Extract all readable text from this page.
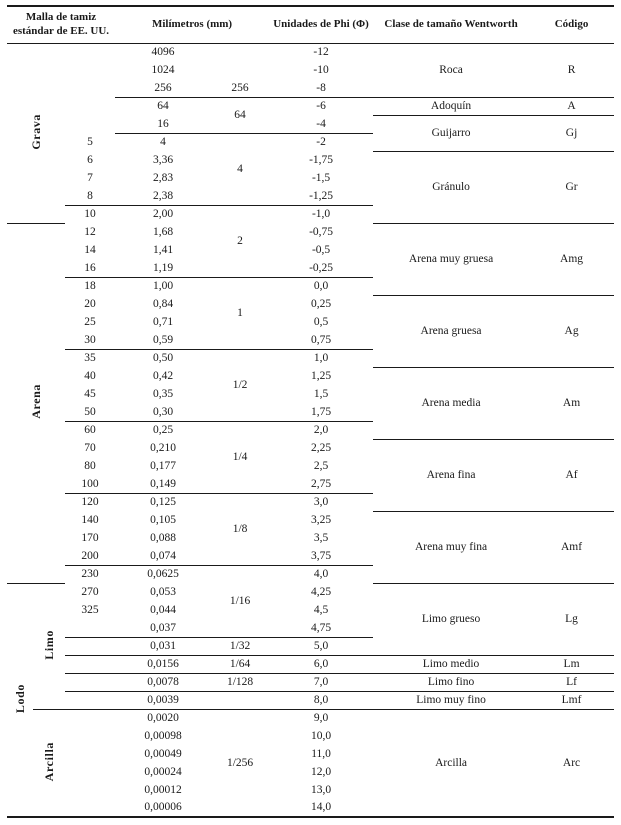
Malla de tamiz estándar de EE. UU.			Milímetros (mm)		Unidades de Phi (Φ)	Clase de tamaño Wentworth	Código
Grava			4096		-12	Roca	R
			1024		-10		
			256	256	-8		
			64	64	-6	Adoquín	A
			16		-4	Guijarro	Gj
		5	4	4	-2		
		6	3,36		-1,75	Gránulo	Gr
		7	2,83		-1,5		
		8	2,38		-1,25		
		10	2,00	2	-1,0		
Arena		12	1,68		-0,75	Arena muy gruesa	Amg
		14	1,41		-0,5		
		16	1,19		-0,25		
		18	1,00	1	0,0		
		20	0,84		0,25	Arena gruesa	Ag
		25	0,71		0,5		
		30	0,59		0,75		
		35	0,50	1/2	1,0		
		40	0,42		1,25	Arena media	Am
		45	0,35		1,5		
		50	0,30		1,75		
		60	0,25	1/4	2,0		
		70	0,210		2,25	Arena fina	Af
		80	0,177		2,5		
		100	0,149		2,75		
		120	0,125	1/8	3,0		
		140	0,105		3,25	Arena muy fina	Amf
		170	0,088		3,5		
		200	0,074		3,75		
		230	0,0625	1/16	4,0		
Lodo	Limo	270	0,053		4,25	Limo grueso	Lg
		325	0,044		4,5		
			0,037		4,75		
			0,031	1/32	5,0		
			0,0156	1/64	6,0	Limo medio	Lm
			0,0078	1/128	7,0	Limo fino	Lf
			0,0039		8,0	Limo muy fino	Lmf
	Arcilla		0,0020	1/256	9,0	Arcilla	Arc
			0,00098		10,0		
			0,00049		11,0		
			0,00024		12,0		
			0,00012		13,0		
			0,00006		14,0		
